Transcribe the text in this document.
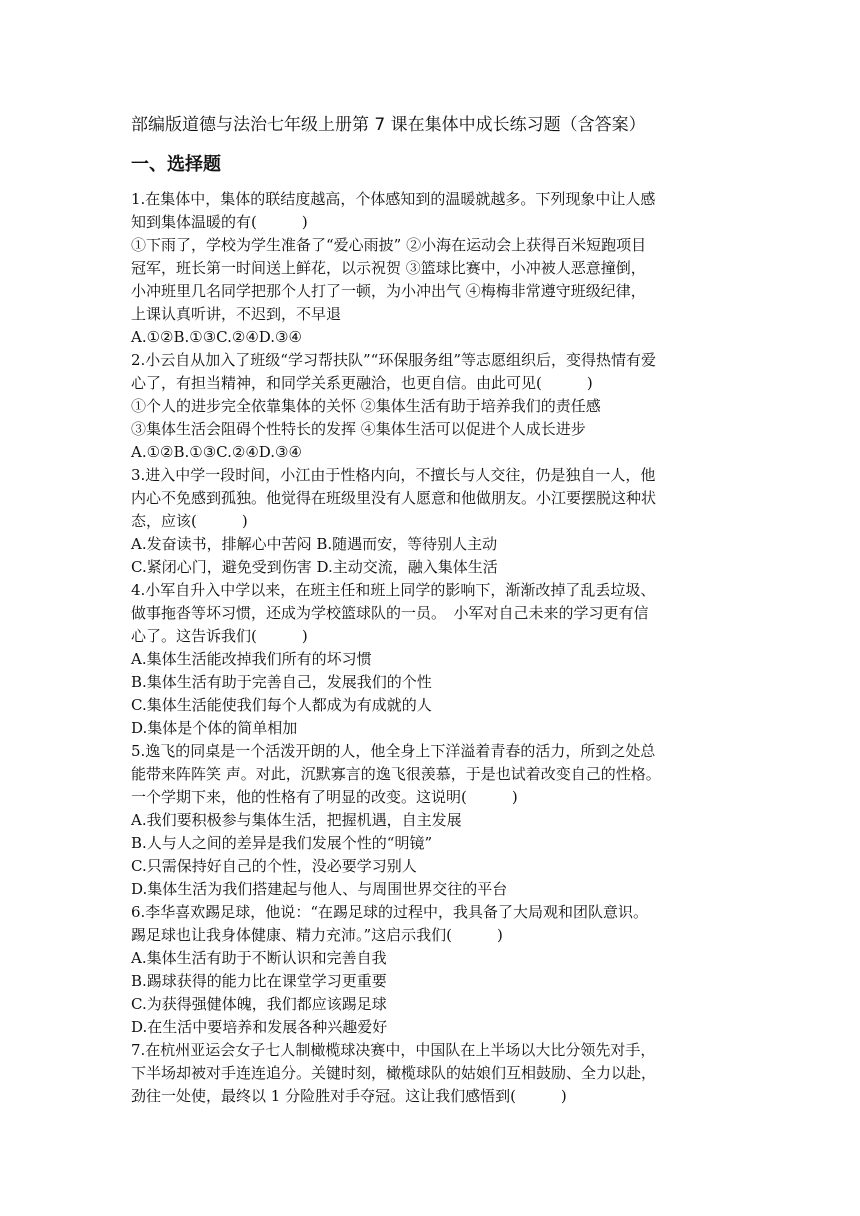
部编版道德与法治七年级上册第 7 课在集体中成长练习题（含答案）
一、选择题

1.在集体中，集体的联结度越高，个体感知到的温暖就越多。下列现象中让人感

知到集体温暖的有(　　　)

①下雨了，学校为学生准备了“爱心雨披” ②小海在运动会上获得百米短跑项目

冠军，班长第一时间送上鲜花，以示祝贺 ③篮球比赛中，小冲被人恶意撞倒，

小冲班里几名同学把那个人打了一顿，为小冲出气 ④梅梅非常遵守班级纪律，

上课认真听讲，不迟到，不早退

A.①②B.①③C.②④D.③④

2.小云自从加入了班级“学习帮扶队”“环保服务组”等志愿组织后，变得热情有爱

心了，有担当精神，和同学关系更融洽，也更自信。由此可见(　　　)

①个人的进步完全依靠集体的关怀 ②集体生活有助于培养我们的责任感

③集体生活会阻碍个性特长的发挥 ④集体生活可以促进个人成长进步

A.①②B.①③C.②④D.③④

3.进入中学一段时间，小江由于性格内向，不擅长与人交往，仍是独自一人，他

内心不免感到孤独。他觉得在班级里没有人愿意和他做朋友。小江要摆脱这种状

态，应该(　　　)

A.发奋读书，排解心中苦闷 B.随遇而安，等待别人主动

C.紧闭心门，避免受到伤害 D.主动交流，融入集体生活

4.小军自升入中学以来，在班主任和班上同学的影响下，渐渐改掉了乱丢垃圾、

做事拖沓等坏习惯，还成为学校篮球队的一员。　小军对自己未来的学习更有信

心了。这告诉我们(　　　)

A.集体生活能改掉我们所有的坏习惯

B.集体生活有助于完善自己，发展我们的个性

C.集体生活能使我们每个人都成为有成就的人

D.集体是个体的简单相加

5.逸飞的同桌是一个活泼开朗的人，他全身上下洋溢着青春的活力，所到之处总

能带来阵阵笑 声。对此，沉默寡言的逸飞很羡慕，于是也试着改变自己的性格。

一个学期下来，他的性格有了明显的改变。这说明(　　　)

A.我们要积极参与集体生活，把握机遇，自主发展

B.人与人之间的差异是我们发展个性的“明镜”

C.只需保持好自己的个性，没必要学习别人

D.集体生活为我们搭建起与他人、与周围世界交往的平台

6.李华喜欢踢足球，他说：“在踢足球的过程中，我具备了大局观和团队意识。

踢足球也让我身体健康、精力充沛。”这启示我们(　　　)

A.集体生活有助于不断认识和完善自我

B.踢球获得的能力比在课堂学习更重要

C.为获得强健体魄，我们都应该踢足球

D.在生活中要培养和发展各种兴趣爱好

7.在杭州亚运会女子七人制橄榄球决赛中，中国队在上半场以大比分领先对手，

下半场却被对手连连追分。关键时刻，橄榄球队的姑娘们互相鼓励、全力以赴，

劲往一处使，最终以 1 分险胜对手夺冠。这让我们感悟到(　　　)
